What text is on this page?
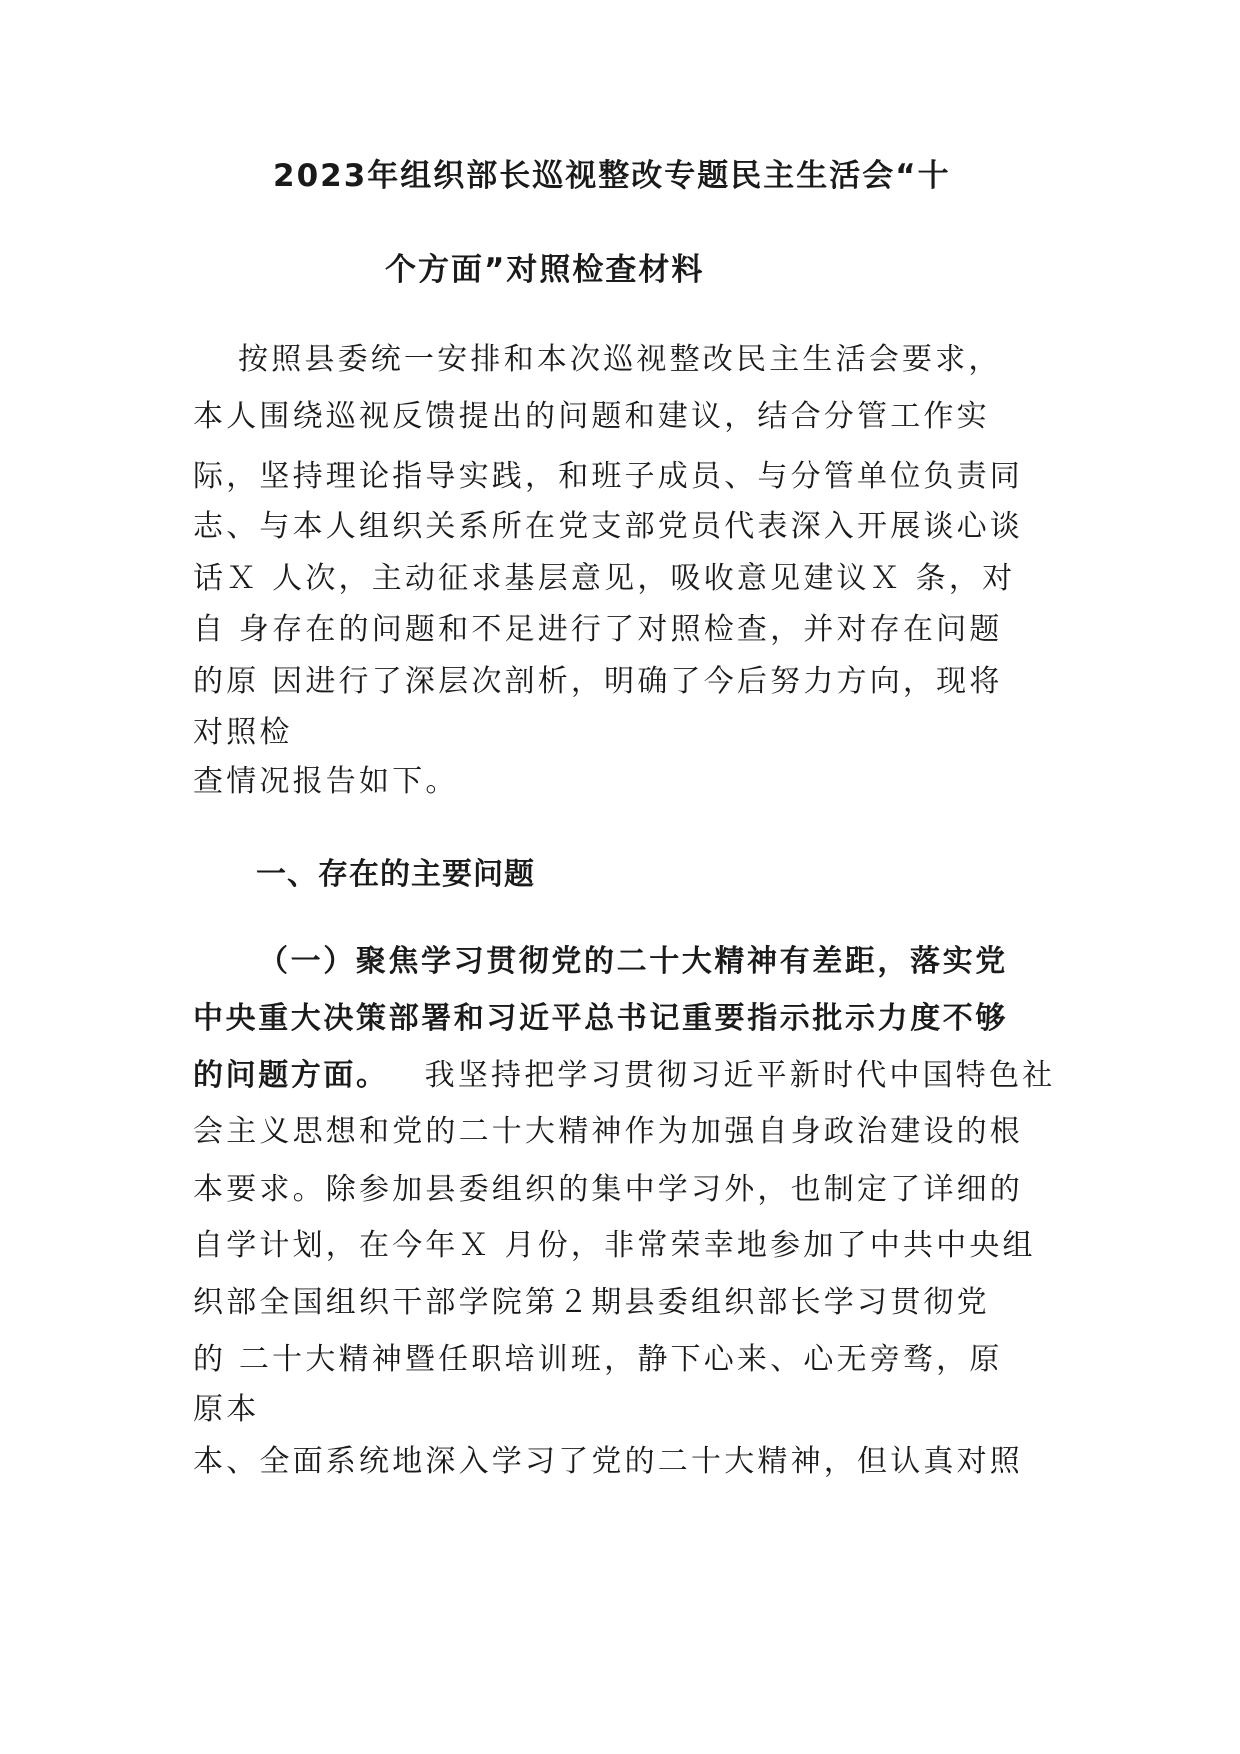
2023年组织部长巡视整改专题民主生活会“十
个方面”对照检查材料
按照县委统一安排和本次巡视整改民主生活会要求，
本人围绕巡视反馈提出的问题和建议，结合分管工作实
际，坚持理论指导实践，和班子成员、与分管单位负责同
志、与本人组织关系所在党支部党员代表深入开展谈心谈
话Ｘ 人次，主动征求基层意见，吸收意见建议Ｘ 条，对
自 身存在的问题和不足进行了对照检查，并对存在问题
的原 因进行了深层次剖析，明确了今后努力方向，现将
对照检
查情况报告如下。
一、存在的主要问题
（一）聚焦学习贯彻党的二十大精神有差距，落实党
中央重大决策部署和习近平总书记重要指示批示力度不够
的问题方面。 我坚持把学习贯彻习近平新时代中国特色社
会主义思想和党的二十大精神作为加强自身政治建设的根
本要求。除参加县委组织的集中学习外，也制定了详细的
自学计划，在今年Ｘ 月份，非常荣幸地参加了中共中央组
织部全国组织干部学院第２期县委组织部长学习贯彻党
的 二十大精神暨任职培训班，静下心来、心无旁骛，原
原本
本、全面系统地深入学习了党的二十大精神，但认真对照
